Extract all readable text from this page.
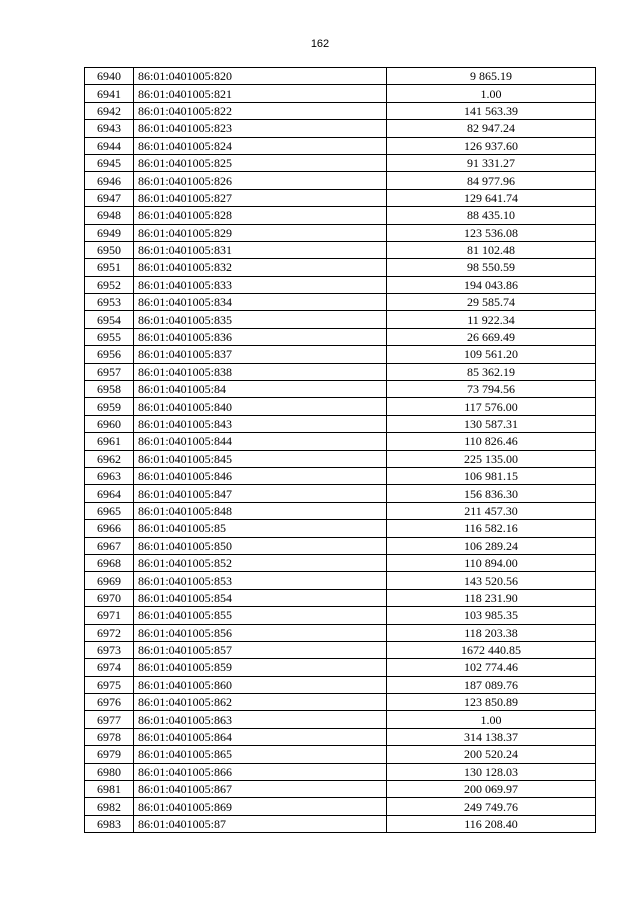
162
6940	86:01:0401005:820	9 865.19
6941	86:01:0401005:821	1.00
6942	86:01:0401005:822	141 563.39
6943	86:01:0401005:823	82 947.24
6944	86:01:0401005:824	126 937.60
6945	86:01:0401005:825	91 331.27
6946	86:01:0401005:826	84 977.96
6947	86:01:0401005:827	129 641.74
6948	86:01:0401005:828	88 435.10
6949	86:01:0401005:829	123 536.08
6950	86:01:0401005:831	81 102.48
6951	86:01:0401005:832	98 550.59
6952	86:01:0401005:833	194 043.86
6953	86:01:0401005:834	29 585.74
6954	86:01:0401005:835	11 922.34
6955	86:01:0401005:836	26 669.49
6956	86:01:0401005:837	109 561.20
6957	86:01:0401005:838	85 362.19
6958	86:01:0401005:84	73 794.56
6959	86:01:0401005:840	117 576.00
6960	86:01:0401005:843	130 587.31
6961	86:01:0401005:844	110 826.46
6962	86:01:0401005:845	225 135.00
6963	86:01:0401005:846	106 981.15
6964	86:01:0401005:847	156 836.30
6965	86:01:0401005:848	211 457.30
6966	86:01:0401005:85	116 582.16
6967	86:01:0401005:850	106 289.24
6968	86:01:0401005:852	110 894.00
6969	86:01:0401005:853	143 520.56
6970	86:01:0401005:854	118 231.90
6971	86:01:0401005:855	103 985.35
6972	86:01:0401005:856	118 203.38
6973	86:01:0401005:857	1672 440.85
6974	86:01:0401005:859	102 774.46
6975	86:01:0401005:860	187 089.76
6976	86:01:0401005:862	123 850.89
6977	86:01:0401005:863	1.00
6978	86:01:0401005:864	314 138.37
6979	86:01:0401005:865	200 520.24
6980	86:01:0401005:866	130 128.03
6981	86:01:0401005:867	200 069.97
6982	86:01:0401005:869	249 749.76
6983	86:01:0401005:87	116 208.40
